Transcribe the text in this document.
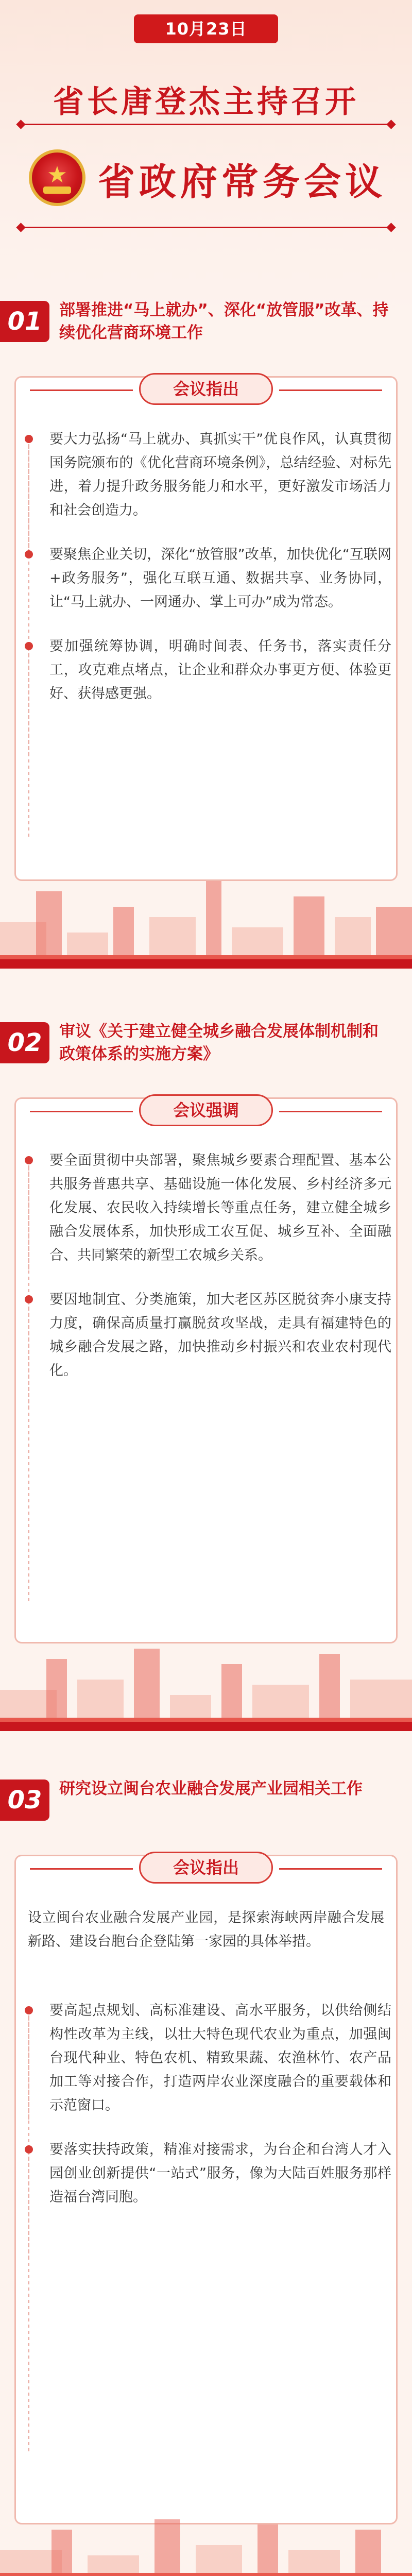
10月23日
省长唐登杰主持召开
★
省政府常务会议
01	部署推进“马上就办”、深化“放管服”改革、持续优化营商环境工作
会议指出

要大力弘扬“马上就办、真抓实干”优良作风，认真贯彻国务院颁布的《优化营商环境条例》，总结经验、对标先进，着力提升政务服务能力和水平，更好激发市场活力和社会创造力。

要聚焦企业关切，深化“放管服”改革，加快优化“互联网+政务服务”，强化互联互通、数据共享、业务协同，让“马上就办、一网通办、掌上可办”成为常态。

要加强统筹协调，明确时间表、任务书，落实责任分工，攻克难点堵点，让企业和群众办事更方便、体验更好、获得感更强。

02	审议《关于建立健全城乡融合发展体制机制和政策体系的实施方案》
会议强调

要全面贯彻中央部署，聚焦城乡要素合理配置、基本公共服务普惠共享、基础设施一体化发展、乡村经济多元化发展、农民收入持续增长等重点任务，建立健全城乡融合发展体系，加快形成工农互促、城乡互补、全面融合、共同繁荣的新型工农城乡关系。

要因地制宜、分类施策，加大老区苏区脱贫奔小康支持力度，确保高质量打赢脱贫攻坚战，走具有福建特色的城乡融合发展之路，加快推动乡村振兴和农业农村现代化。

03	研究设立闽台农业融合发展产业园相关工作
会议指出
设立闽台农业融合发展产业园，是探索海峡两岸融合发展新路、建设台胞台企登陆第一家园的具体举措。

要高起点规划、高标准建设、高水平服务，以供给侧结构性改革为主线，以壮大特色现代农业为重点，加强闽台现代种业、特色农机、精致果蔬、农渔林竹、农产品加工等对接合作，打造两岸农业深度融合的重要载体和示范窗口。

要落实扶持政策，精准对接需求，为台企和台湾人才入园创业创新提供“一站式”服务，像为大陆百姓服务那样造福台湾同胞。
